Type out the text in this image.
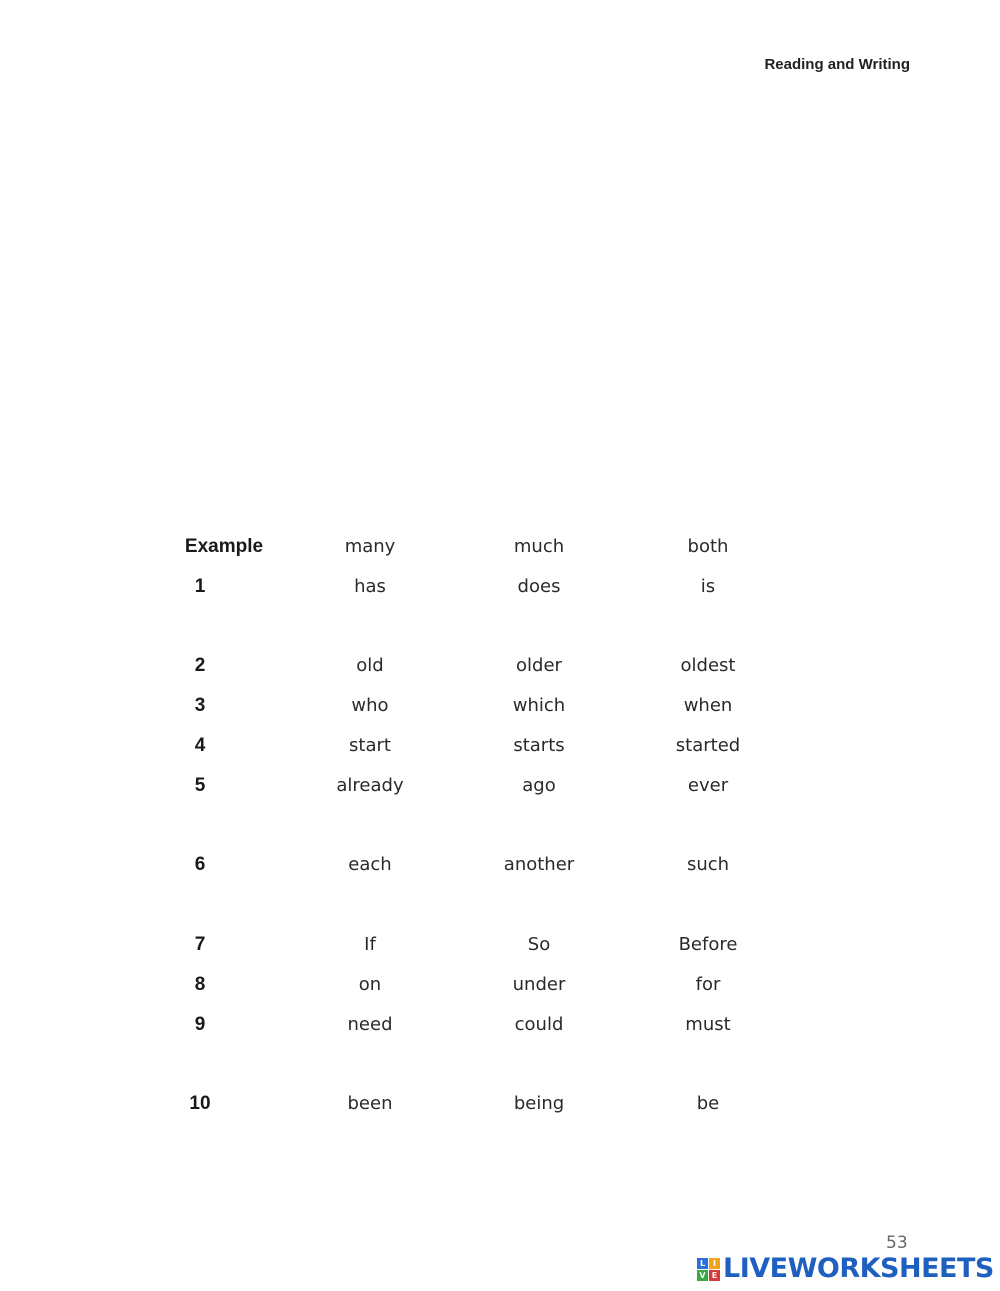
Reading and Writing
Example	many	much	both
1	has	does	is
2	old	older	oldest
3	who	which	when
4	start	starts	started
5	already	ago	ever
6	each	another	such
7	If	So	Before
8	on	under	for
9	need	could	must
10	been	being	be
53
L I
V E LIVEWORKSHEETS
